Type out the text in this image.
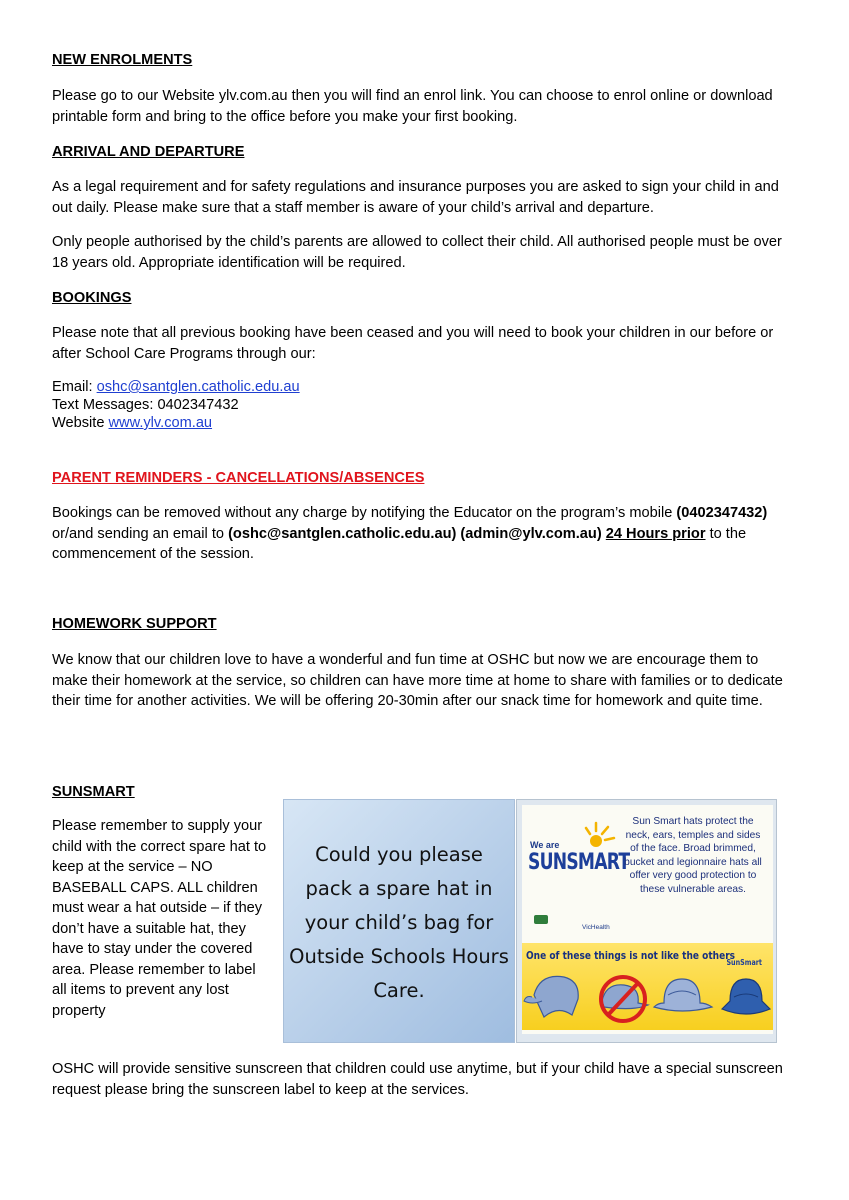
NEW ENROLMENTS

Please go to our Website ylv.com.au then you will find an enrol link. You can choose to enrol online or download printable form and bring to the office before you make your first booking.

ARRIVAL AND DEPARTURE

As a legal requirement and for safety regulations and insurance purposes you are asked to sign your child in and out daily. Please make sure that a staff member is aware of your child’s arrival and departure.

Only people authorised by the child’s parents are allowed to collect their child. All authorised people must be over 18 years old. Appropriate identification will be required.

BOOKINGS

Please note that all previous booking have been ceased and you will need to book your children in our before or after School Care Programs through our:

Email: oshc@santglen.catholic.edu.au
Text Messages: 0402347432
Website www.ylv.com.au

PARENT REMINDERS - CANCELLATIONS/ABSENCES

Bookings can be removed without any charge by notifying the Educator on the program’s mobile (0402347432) or/and sending an email to (oshc@santglen.catholic.edu.au) (admin@ylv.com.au) 24 Hours prior to the commencement of the session.

HOMEWORK SUPPORT

We know that our children love to have a wonderful and fun time at OSHC but now we are encourage them to make their homework at the service, so children can have more time at home to share with families or to dedicate their time for another activities. We will be offering 20-30min after our snack time for homework and quite time.

SUNSMART

Please remember to supply your child with the correct spare hat to keep at the service – NO BASEBALL CAPS. ALL children must wear a hat outside – if they don’t have a suitable hat, they have to stay under the covered area. Please remember to label all items to prevent any lost property

Could you please pack a spare hat in your child’s bag for Outside Schools Hours Care.
We are
SUNSMART
VicHealth
Sun Smart hats protect the neck, ears, temples and sides of the face. Broad brimmed, bucket and legionnaire hats all offer very good protection to these vulnerable areas.
One of these things is not like the others
SunSmart

OSHC will provide sensitive sunscreen that children could use anytime, but if your child have a special sunscreen request please bring the sunscreen label to keep at the services.
